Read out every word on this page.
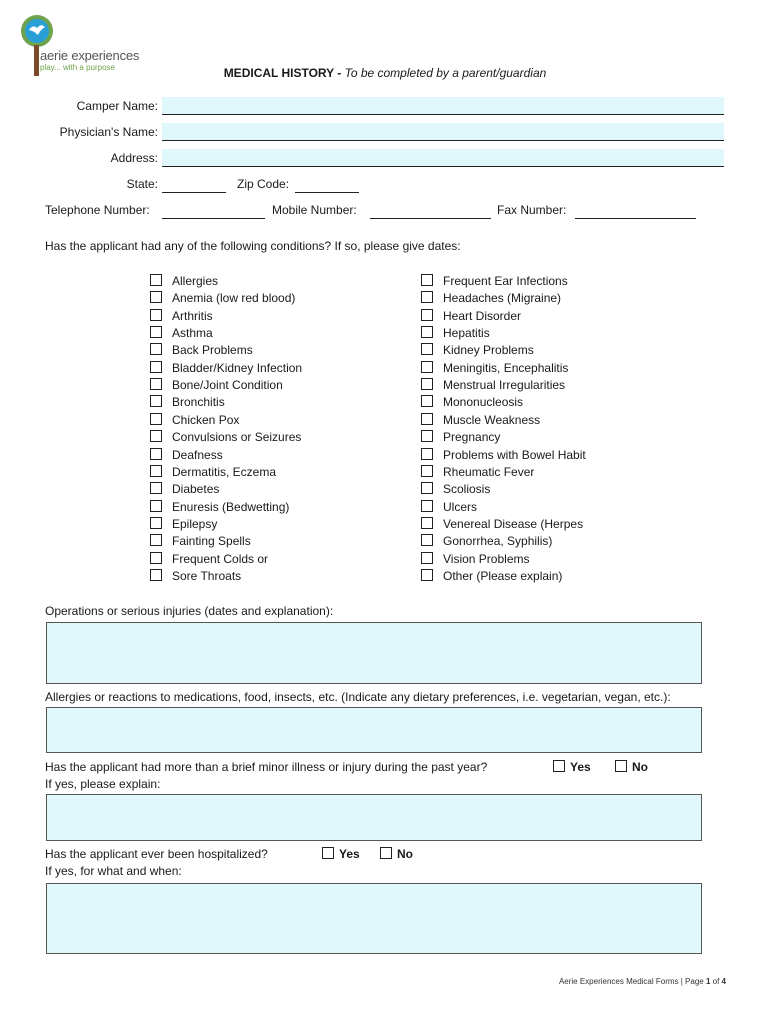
aerie experiences
play... with a purpose	MEDICAL HISTORY - To be completed by a parent/guardian
Camper Name:
Physician's Name:
Address:
State:	Zip Code:
Telephone Number:	Mobile Number:	Fax Number:
Has the applicant had any of the following conditions? If so, please give dates:
Allergies
Anemia (low red blood)
Arthritis
Asthma
Back Problems
Bladder/Kidney Infection
Bone/Joint Condition
Bronchitis
Chicken Pox
Convulsions or Seizures
Deafness
Dermatitis, Eczema
Diabetes
Enuresis (Bedwetting)
Epilepsy
Fainting Spells
Frequent Colds or
Sore Throats
Frequent Ear Infections
Headaches (Migraine)
Heart Disorder
Hepatitis
Kidney Problems
Meningitis, Encephalitis
Menstrual Irregularities
Mononucleosis
Muscle Weakness
Pregnancy
Problems with Bowel Habit
Rheumatic Fever
Scoliosis
Ulcers
Venereal Disease (Herpes
Gonorrhea, Syphilis)
Vision Problems
Other (Please explain)
Operations or serious injuries (dates and explanation):
Allergies or reactions to medications, food, insects, etc. (Indicate any dietary preferences, i.e. vegetarian, vegan, etc.):
Has the applicant had more than a brief minor illness or injury during the past year?	Yes	No
If yes, please explain:
Has the applicant ever been hospitalized?	Yes	No
If yes, for what and when:
Aerie Experiences Medical Forms | Page 1 of 4
